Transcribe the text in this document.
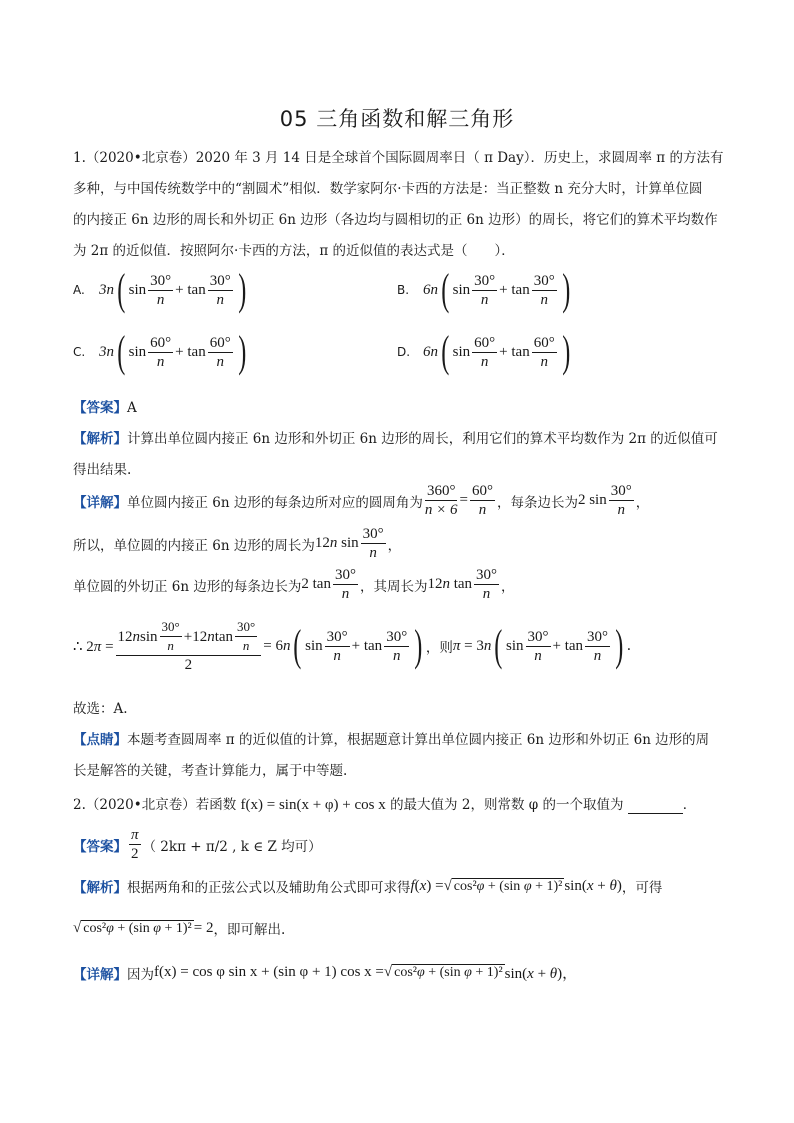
05 三角函数和解三角形
1.（2020•北京卷）2020 年 3 月 14 日是全球首个国际圆周率日（ π Day）．历史上，求圆周率 π 的方法有
多种，与中国传统数学中的“割圆术”相似．数学家阿尔·卡西的方法是：当正整数 n 充分大时，计算单位圆
的内接正 6n 边形的周长和外切正 6n 边形（各边均与圆相切的正 6n 边形）的周长，将它们的算术平均数作
为 2π 的近似值．按照阿尔·卡西的方法，π 的近似值的表达式是（　　）．
A. 3n ( $\sin \frac{30^\circ}{n} + \tan \frac{30^\circ}{n}$ )	B. 6n ( $\sin \frac{30^\circ}{n} + \tan \frac{30^\circ}{n}$ )
C. 3n ( $\sin \frac{60^\circ}{n} + \tan \frac{60^\circ}{n}$ )	D. 6n ( $\sin \frac{60^\circ}{n} + \tan \frac{60^\circ}{n}$ )
【答案】A
【解析】计算出单位圆内接正 6n 边形和外切正 6n 边形的周长，利用它们的算术平均数作为 2π 的近似值可
得出结果.
【详解】 单位圆内接正 6n 边形的每条边所对应的圆周角为 $\frac{360^\circ}{n \times 6} = \frac{60^\circ}{n}$ ，每条边长为 2 $\sin \frac{30^\circ}{n}$ ，
所以，单位圆的内接正 6n 边形的周长为 12n $\sin \frac{30^\circ}{n}$ ，
单位圆的外切正 6n 边形的每条边长为 2 $\tan \frac{30^\circ}{n}$ ，其周长为 12n $\tan \frac{30^\circ}{n}$ ，
∴ $2\pi = \frac{12 n \sin \frac{30^\circ}{n} +12 n \tan \frac{30^\circ}{n}}{2} = 6n$ ( $\sin \frac{30^\circ}{n} + \tan \frac{30^\circ}{n}$ ) ，则 π = 3n ( $\sin \frac{30^\circ}{n} + \tan \frac{30^\circ}{n}$ ) .
故选：A.
【点睛】本题考查圆周率 π 的近似值的计算，根据题意计算出单位圆内接正 6n 边形和外切正 6n 边形的周
长是解答的关键，考查计算能力，属于中等题.
2.（2020•北京卷）若函数 f(x) = sin(x + φ) + cos x 的最大值为 2，则常数 φ 的一个取值为	．
【答案】 $\frac{\pi}{2}$ （ 2kπ + π/2 , k ∈ Z 均可）
【解析】 根据两角和的正弦公式以及辅助角公式即可求得 f(x) = √ cos²φ + (sin φ + 1)² sin(x + θ) ，可得
√ cos²φ + (sin φ + 1)² = 2 ，即可解出.
【详解】 因为 f(x) = cos φ sin x + (sin φ + 1) cos x = √ cos²φ + (sin φ + 1)² sin(x + θ)，
